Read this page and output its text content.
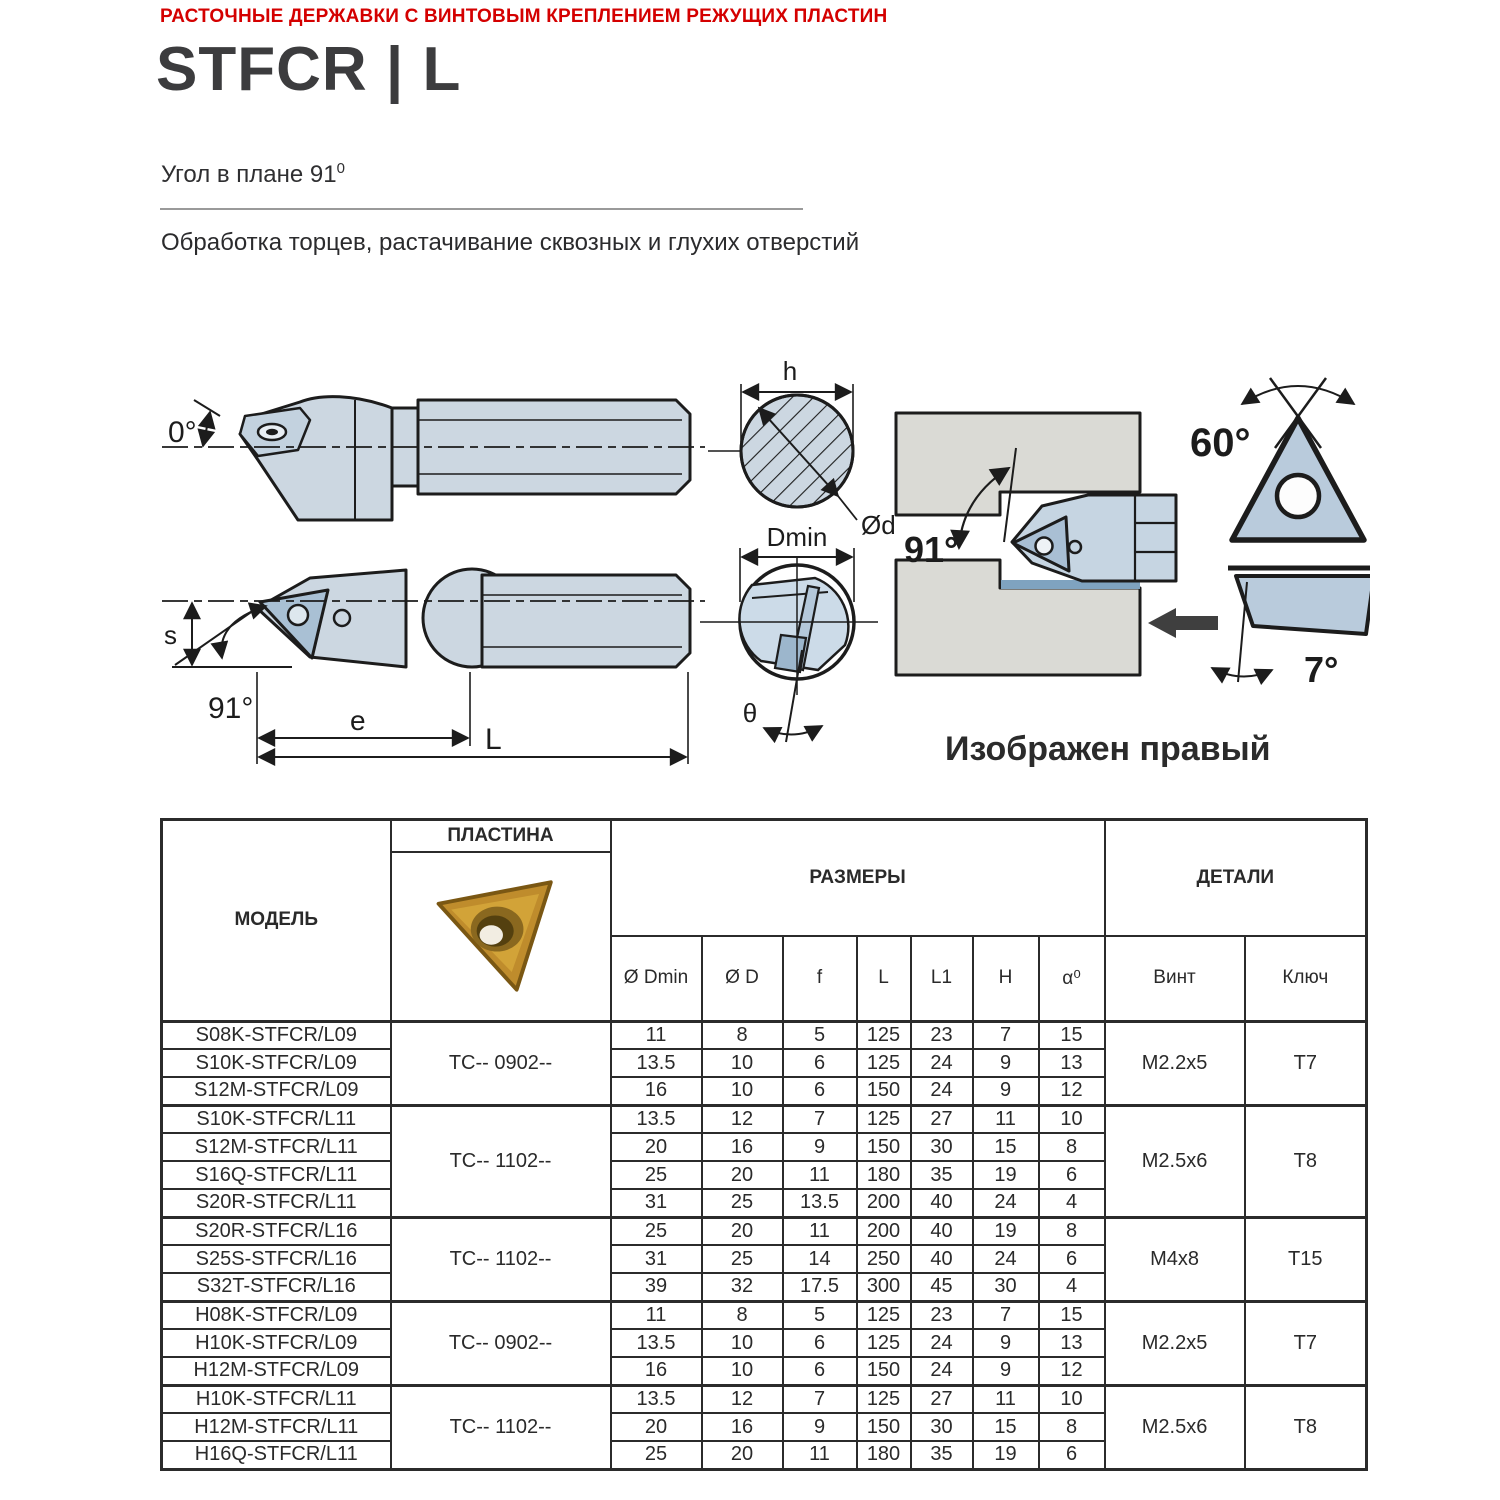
РАСТОЧНЫЕ ДЕРЖАВКИ С ВИНТОВЫМ КРЕПЛЕНИЕМ РЕЖУЩИХ ПЛАСТИН
STFCR | L
Угол в плане $91^0$
Обработка торцев, растачивание сквозных и глухих отверстий
0°
s
91°	e
L
h
Ød
Dmin
θ
91°
60°
7°
Изображен правый
МОДЕЛЬ	ПЛАСТИНА	РАЗМЕРЫ							ДЕТАЛИ	

		Ø Dmin	Ø D	f	L	L1	H	α⁰	Винт	Ключ
S08K-STFCR/L09	TC-- 0902--	11	8	5	125	23	7	15	M2.2x5	T7
S10K-STFCR/L09		13.5	10	6	125	24	9	13		
S12M-STFCR/L09		16	10	6	150	24	9	12		
S10K-STFCR/L11	TC-- 1102--	13.5	12	7	125	27	11	10	M2.5x6	T8
S12M-STFCR/L11		20	16	9	150	30	15	8		
S16Q-STFCR/L11		25	20	11	180	35	19	6		
S20R-STFCR/L11		31	25	13.5	200	40	24	4		
S20R-STFCR/L16	TC-- 1102--	25	20	11	200	40	19	8	M4x8	T15
S25S-STFCR/L16		31	25	14	250	40	24	6		
S32T-STFCR/L16		39	32	17.5	300	45	30	4		
H08K-STFCR/L09	TC-- 0902--	11	8	5	125	23	7	15	M2.2x5	T7
H10K-STFCR/L09		13.5	10	6	125	24	9	13		
H12M-STFCR/L09		16	10	6	150	24	9	12		
H10K-STFCR/L11	TC-- 1102--	13.5	12	7	125	27	11	10	M2.5x6	T8
H12M-STFCR/L11		20	16	9	150	30	15	8		
H16Q-STFCR/L11		25	20	11	180	35	19	6		
